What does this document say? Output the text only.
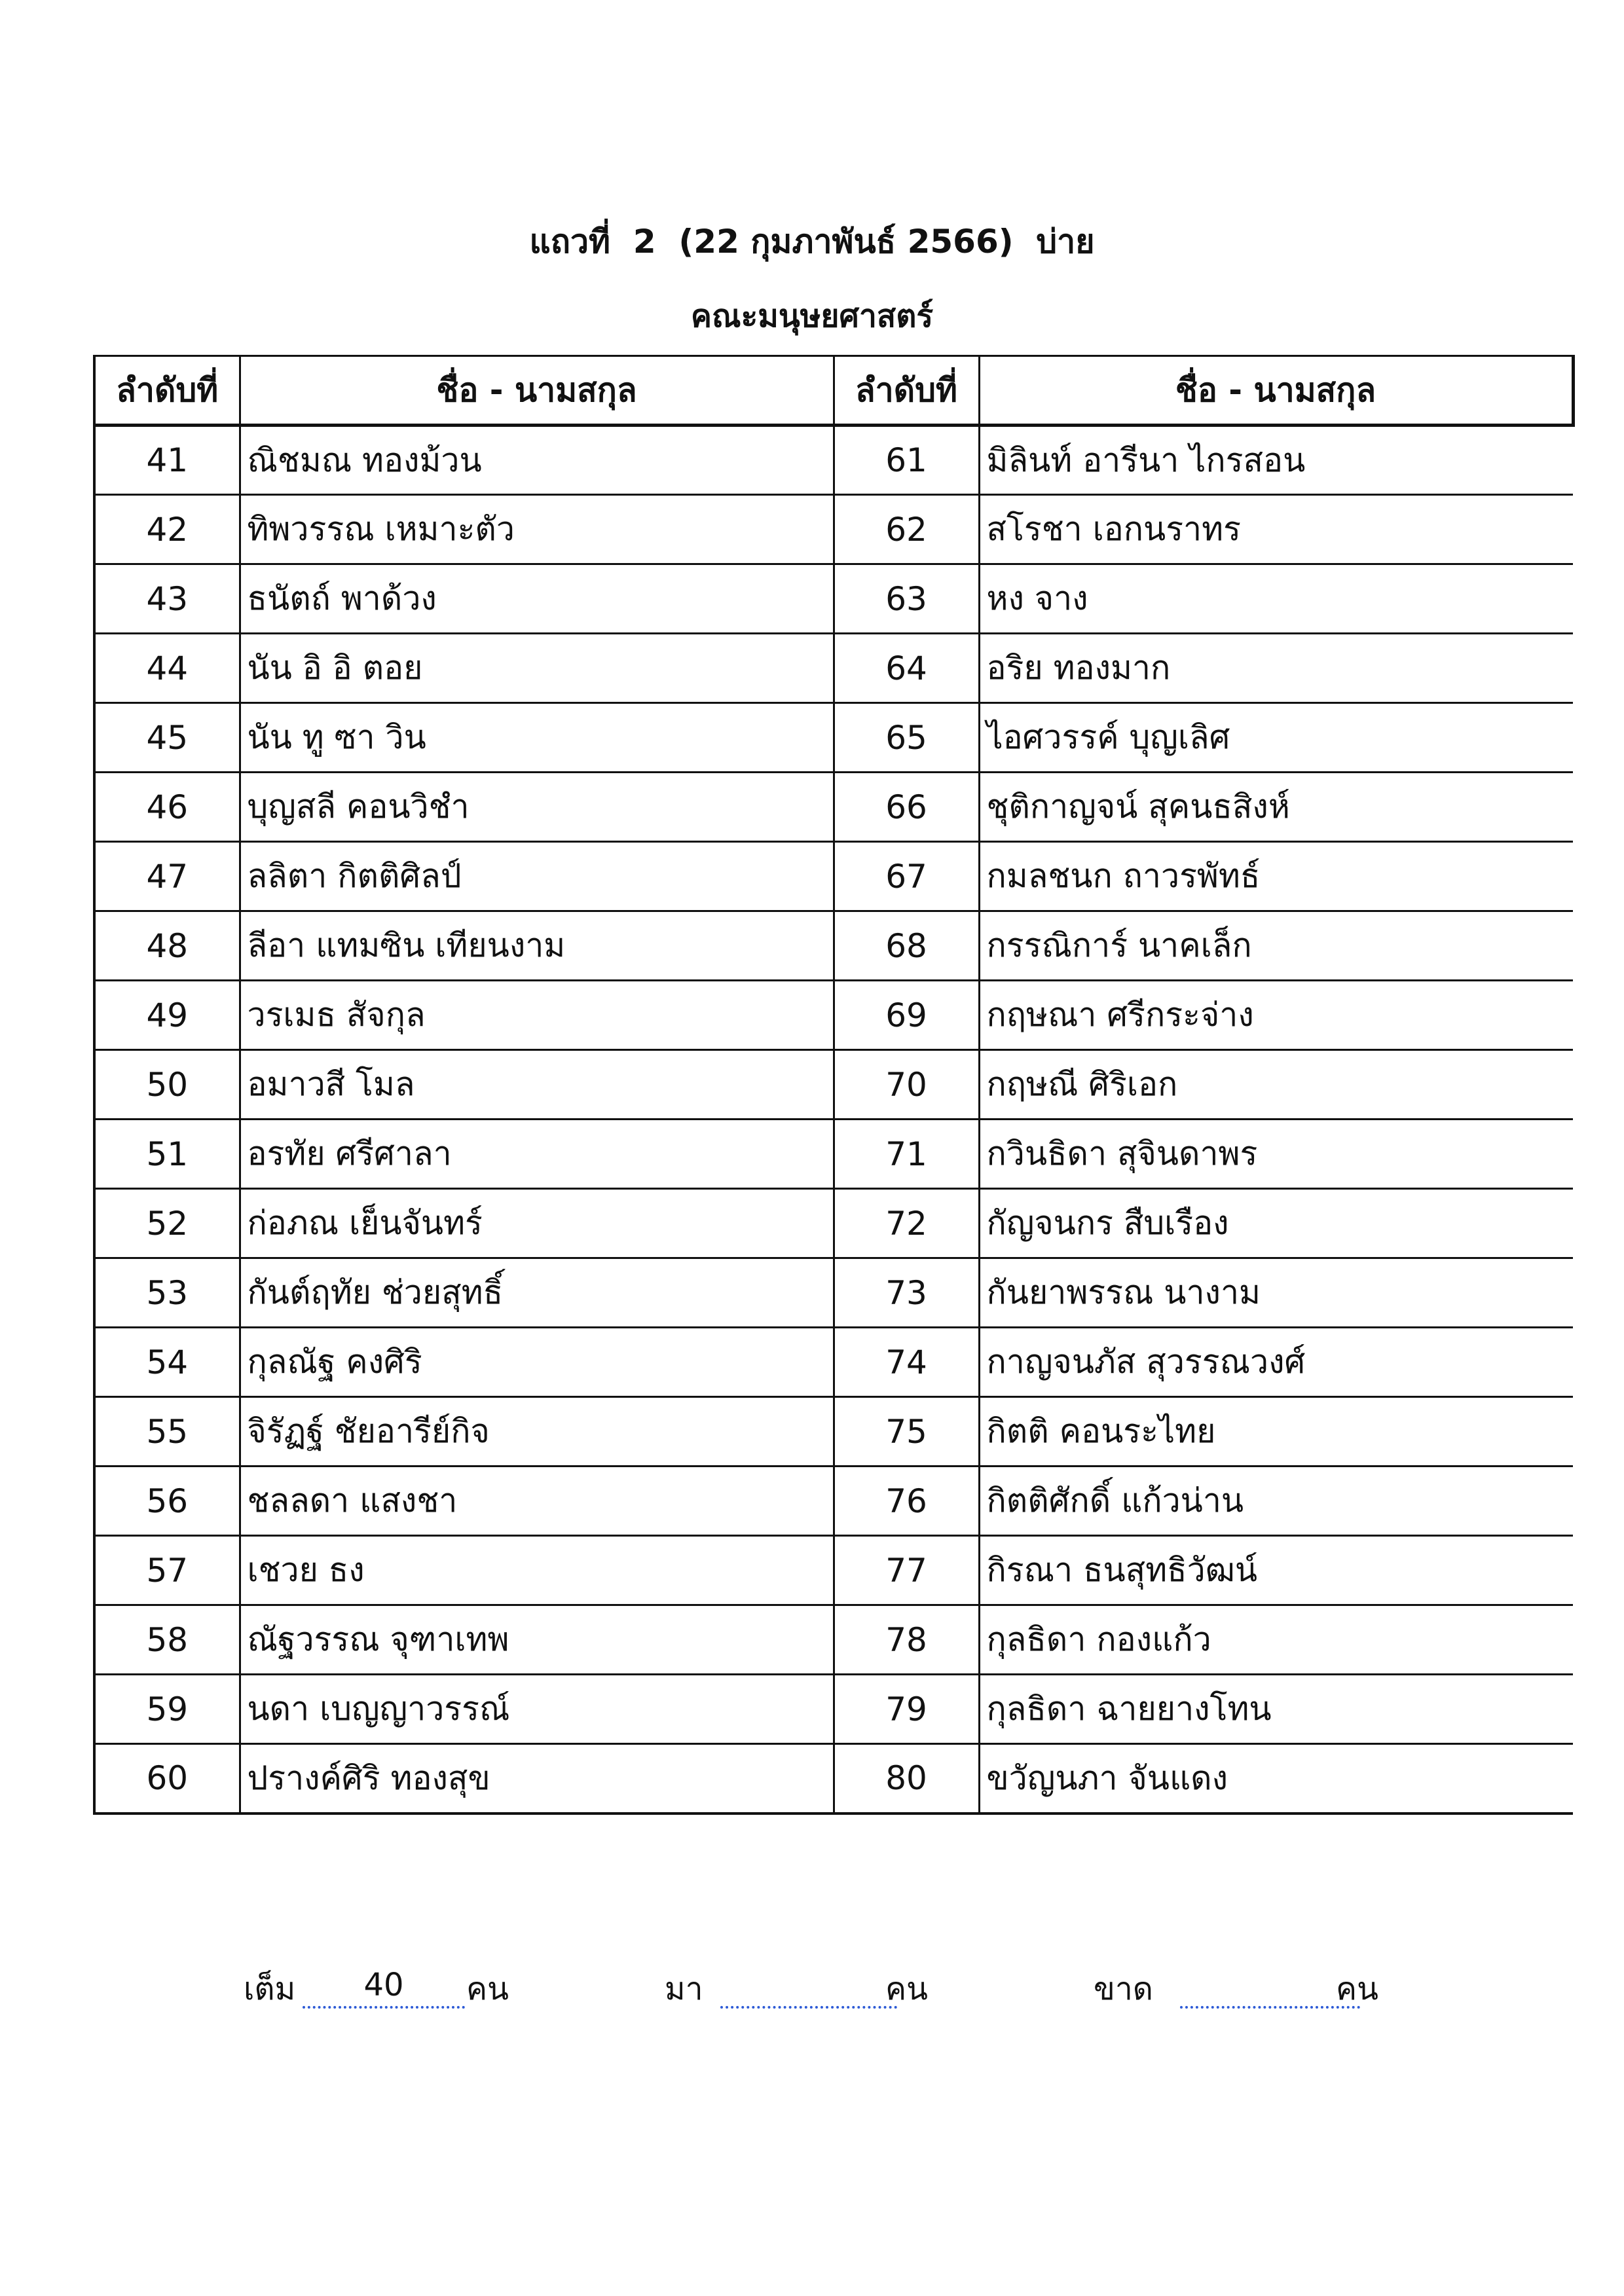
แถวที่  2  (22 กุมภาพันธ์ 2566)  บ่าย
คณะมนุษยศาสตร์
ลำดับที่	ชื่อ - นามสกุล	ลำดับที่	ชื่อ - นามสกุล
41	ณิชมณ ทองม้วน	61	มิลินท์ อารีนา ไกรสอน
42	ทิพวรรณ เหมาะตัว	62	สโรชา เอกนราทร
43	ธนัตถ์ พาด้วง	63	หง จาง
44	นัน อิ อิ ตอย	64	อริย ทองมาก
45	นัน ทู ซา วิน	65	ไอศวรรค์ บุญเลิศ
46	บุญสลี คอนวิชำ	66	ชุติกาญจน์ สุคนธสิงห์
47	ลลิตา กิตติศิลป์	67	กมลชนก ถาวรพัทธ์
48	ลีอา แทมซิน เทียนงาม	68	กรรณิการ์ นาคเล็ก
49	วรเมธ สัจกุล	69	กฤษณา ศรีกระจ่าง
50	อมาวสี โมล	70	กฤษณี ศิริเอก
51	อรทัย ศรีศาลา	71	กวินธิดา สุจินดาพร
52	ก่อภณ เย็นจันทร์	72	กัญจนกร สืบเรือง
53	กันต์ฤทัย ช่วยสุทธิ์	73	กันยาพรรณ นางาม
54	กุลณัฐ คงศิริ	74	กาญจนภัส สุวรรณวงศ์
55	จิรัฏฐ์ ชัยอารีย์กิจ	75	กิตติ คอนระไทย
56	ชลลดา แสงชา	76	กิตติศักดิ์ แก้วน่าน
57	เชวย ธง	77	กิรณา ธนสุทธิวัฒน์
58	ณัฐวรรณ จุฑาเทพ	78	กุลธิดา กองแก้ว
59	นดา เบญญาวรรณ์	79	กุลธิดา ฉายยางโทน
60	ปรางค์ศิริ ทองสุข	80	ขวัญนภา จันแดง
เต็ม	40	คน	มา	คน	ขาด	คน
